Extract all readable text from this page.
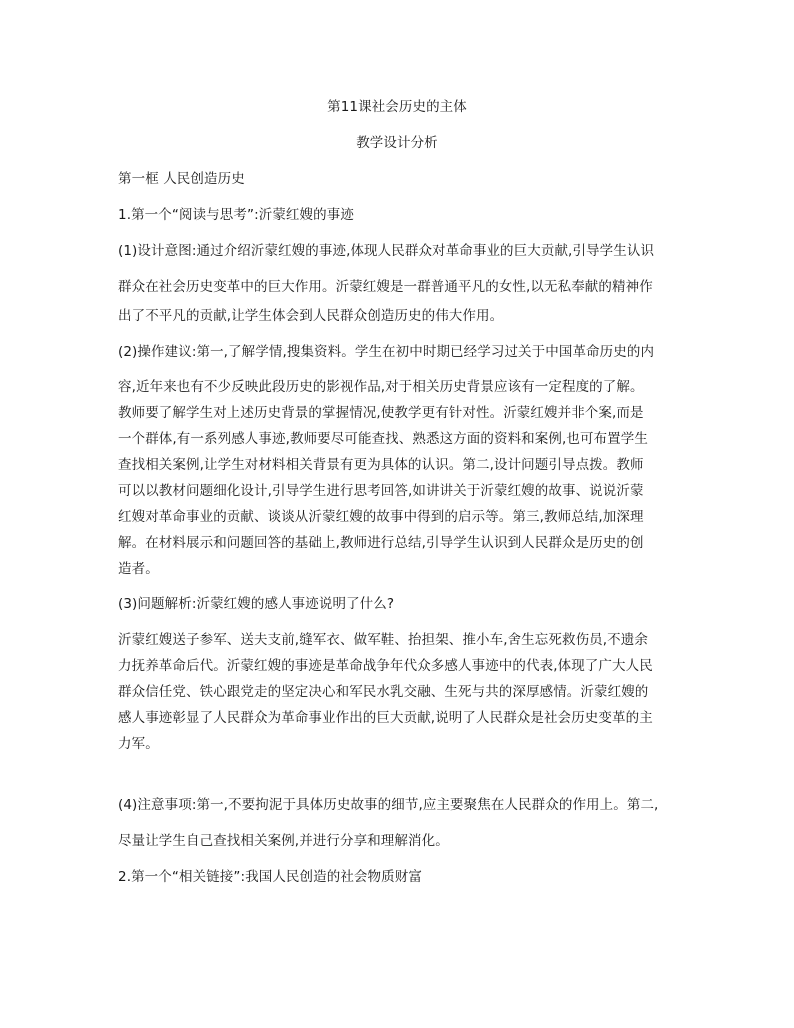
第11课社会历史的主体
教学设计分析
第一框 人民创造历史
1.第一个“阅读与思考”:沂蒙红嫂的事迹
(1)设计意图:通过介绍沂蒙红嫂的事迹,体现人民群众对革命事业的巨大贡献,引导学生认识
群众在社会历史变革中的巨大作用。沂蒙红嫂是一群普通平凡的女性,以无私奉献的精神作
出了不平凡的贡献,让学生体会到人民群众创造历史的伟大作用。
(2)操作建议:第一,了解学情,搜集资料。学生在初中时期已经学习过关于中国革命历史的内
容,近年来也有不少反映此段历史的影视作品,对于相关历史背景应该有一定程度的了解。
教师要了解学生对上述历史背景的掌握情况,使教学更有针对性。沂蒙红嫂并非个案,而是
一个群体,有一系列感人事迹,教师要尽可能查找、熟悉这方面的资料和案例,也可布置学生
查找相关案例,让学生对材料相关背景有更为具体的认识。第二,设计问题引导点拨。教师
可以以教材问题细化设计,引导学生进行思考回答,如讲讲关于沂蒙红嫂的故事、说说沂蒙
红嫂对革命事业的贡献、谈谈从沂蒙红嫂的故事中得到的启示等。第三,教师总结,加深理
解。在材料展示和问题回答的基础上,教师进行总结,引导学生认识到人民群众是历史的创
造者。
(3)问题解析:沂蒙红嫂的感人事迹说明了什么?
沂蒙红嫂送子参军、送夫支前,缝军衣、做军鞋、抬担架、推小车,舍生忘死救伤员,不遗余
力抚养革命后代。沂蒙红嫂的事迹是革命战争年代众多感人事迹中的代表,体现了广大人民
群众信任党、铁心跟党走的坚定决心和军民水乳交融、生死与共的深厚感情。沂蒙红嫂的
感人事迹彰显了人民群众为革命事业作出的巨大贡献,说明了人民群众是社会历史变革的主
力军。
(4)注意事项:第一,不要拘泥于具体历史故事的细节,应主要聚焦在人民群众的作用上。第二,
尽量让学生自己查找相关案例,并进行分享和理解消化。
2.第一个“相关链接”:我国人民创造的社会物质财富
